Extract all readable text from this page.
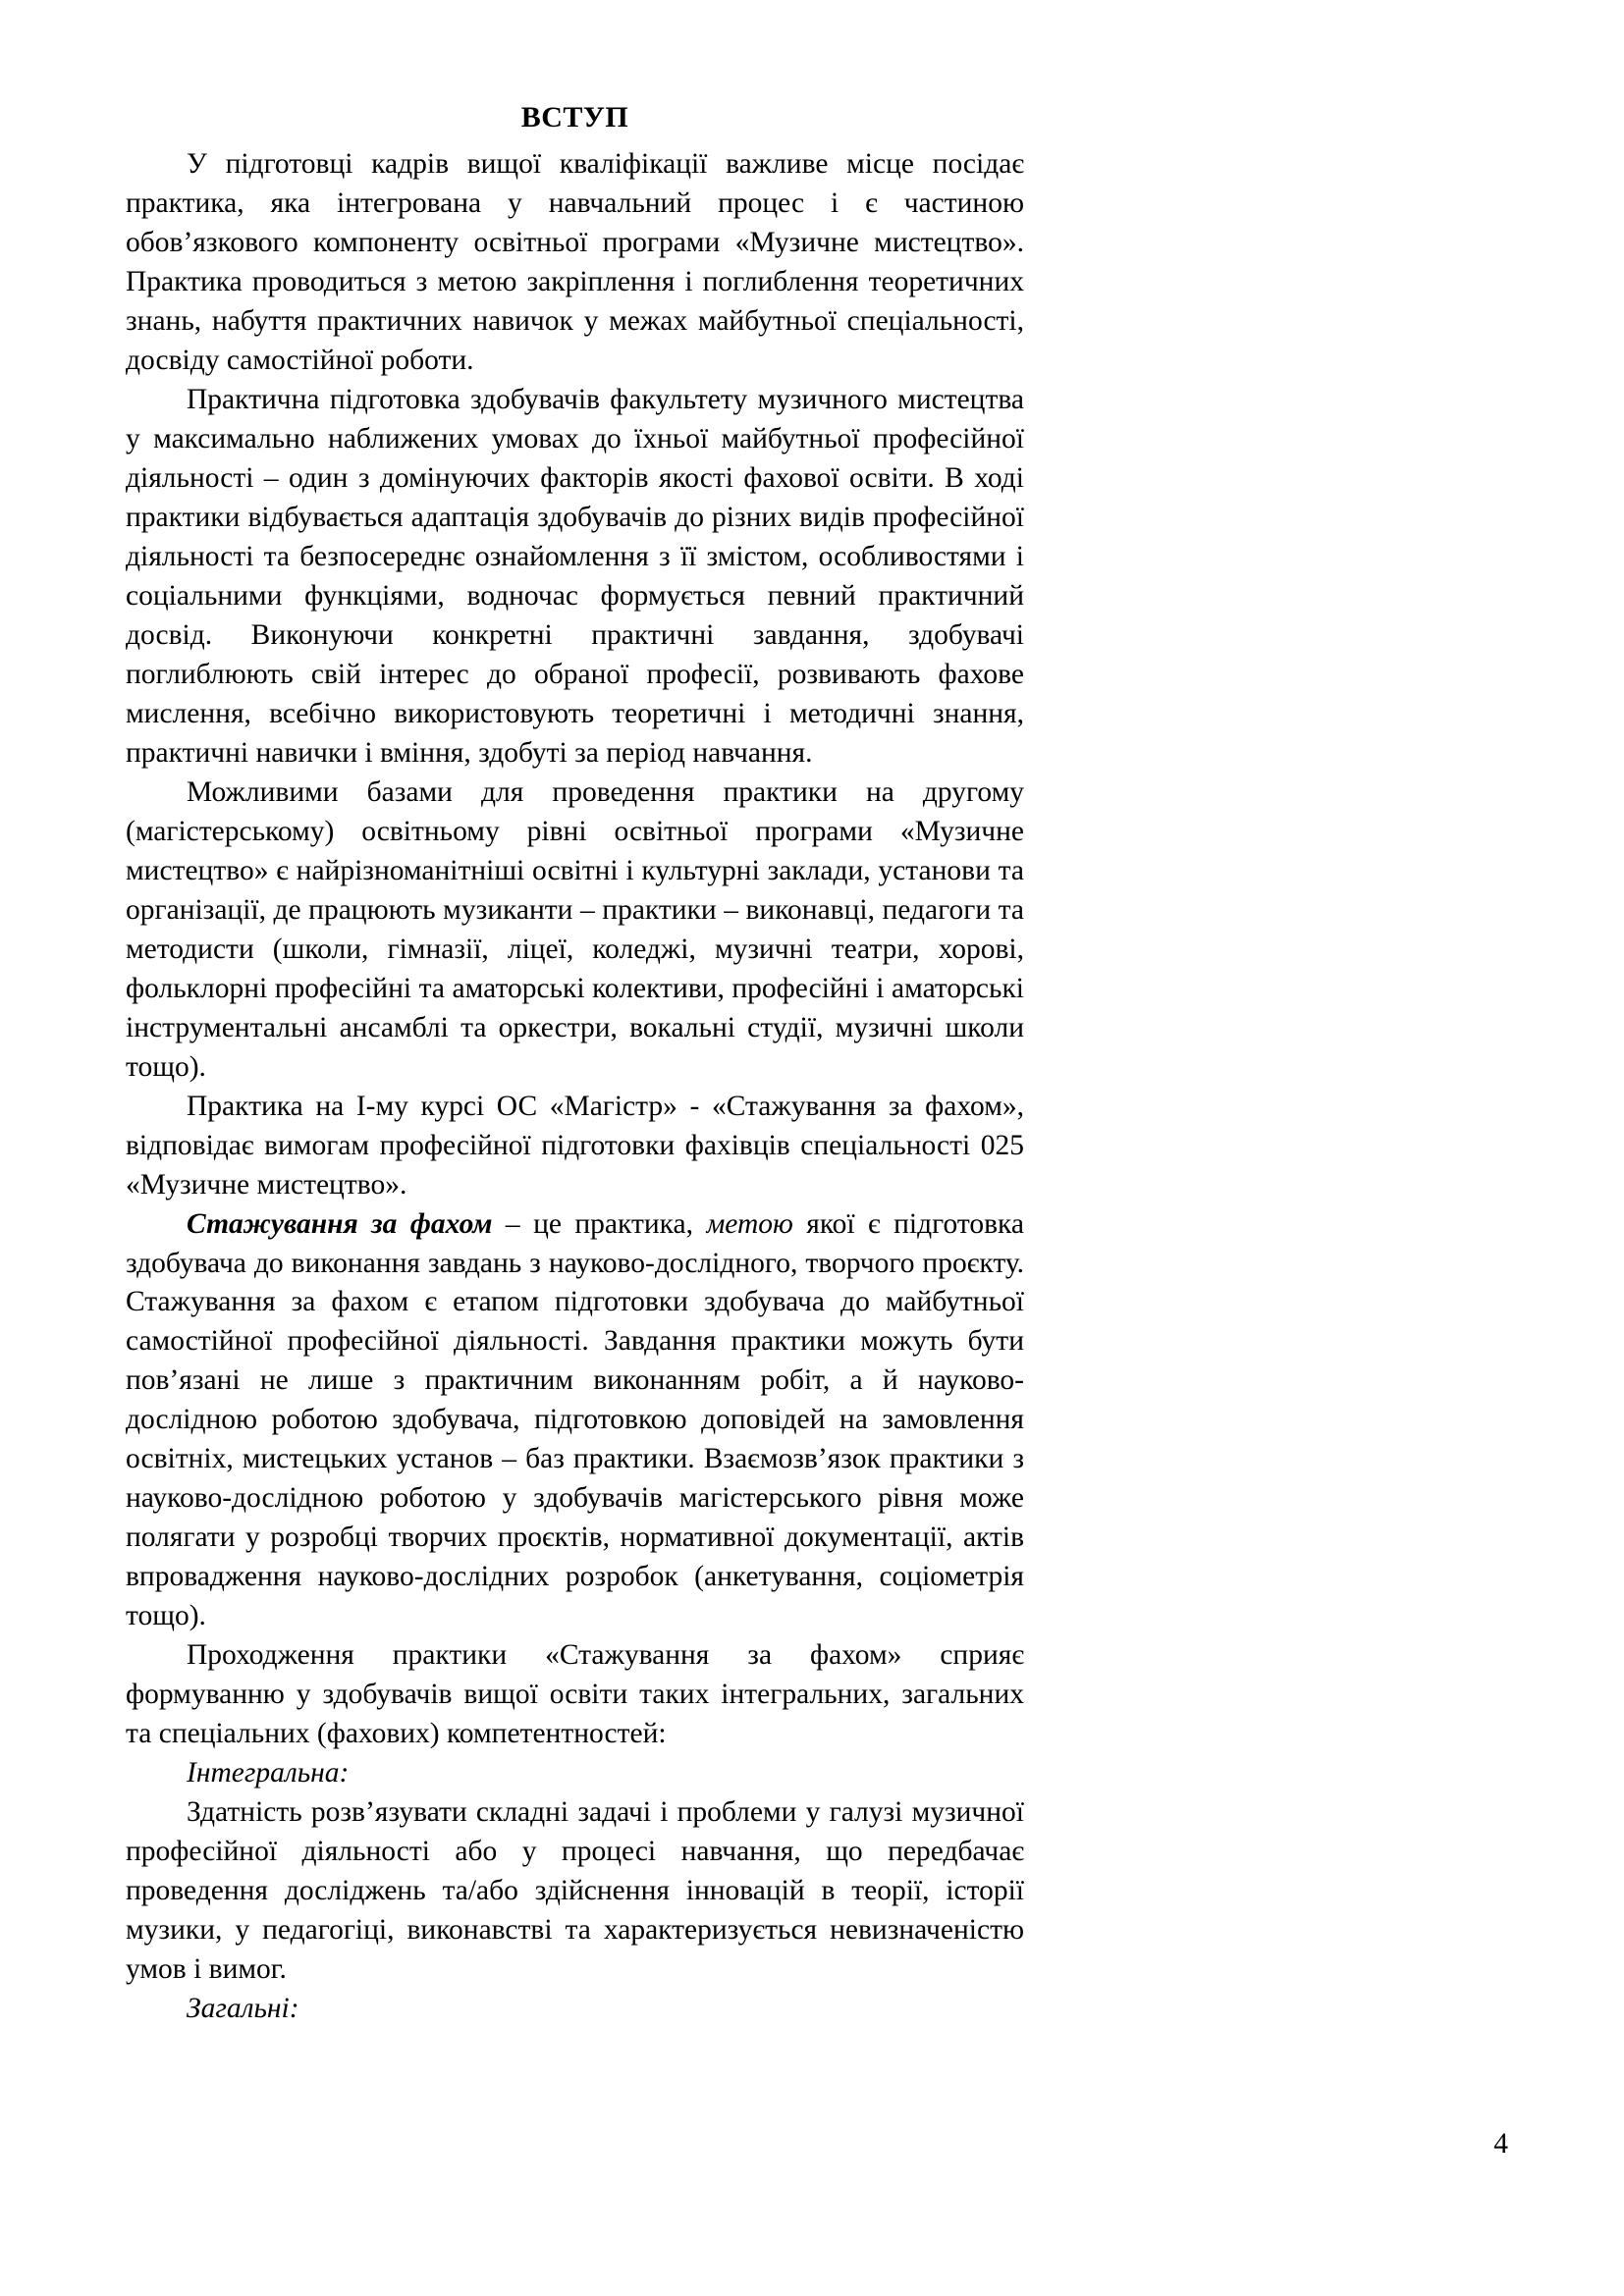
ВСТУП

У підготовці кадрів вищої кваліфікації важливе місце посідає практика, яка інтегрована у навчальний процес і є частиною обов’язкового компоненту освітньої програми «Музичне мистецтво». Практика проводиться з метою закріплення і поглиблення теоретичних знань, набуття практичних навичок у межах майбутньої спеціальності, досвіду самостійної роботи.

Практична підготовка здобувачів факультету музичного мистецтва у максимально наближених умовах до їхньої майбутньої професійної діяльності – один з домінуючих факторів якості фахової освіти. В ході практики відбувається адаптація здобувачів до різних видів професійної діяльності та безпосереднє ознайомлення з її змістом, особливостями і соціальними функціями, водночас формується певний практичний досвід. Виконуючи конкретні практичні завдання, здобувачі поглиблюють свій інтерес до обраної професії, розвивають фахове мислення, всебічно використовують теоретичні і методичні знання, практичні навички і вміння, здобуті за період навчання.

Можливими базами для проведення практики на другому (магістерському) освітньому рівні освітньої програми «Музичне мистецтво» є найрізноманітніші освітні і культурні заклади, установи та організації, де працюють музиканти – практики – виконавці, педагоги та методисти (школи, гімназії, ліцеї, коледжі, музичні театри, хорові, фольклорні професійні та аматорські колективи, професійні і аматорські інструментальні ансамблі та оркестри, вокальні студії, музичні школи тощо).

Практика на І-му курсі ОС «Магістр» - «Стажування за фахом», відповідає вимогам професійної підготовки фахівців спеціальності 025 «Музичне мистецтво».

Стажування за фахом – це практика, метою якої є підготовка здобувача до виконання завдань з науково-дослідного, творчого проєкту. Стажування за фахом є етапом підготовки здобувача до майбутньої самостійної професійної діяльності. Завдання практики можуть бути пов’язані не лише з практичним виконанням робіт, а й науково-дослідною роботою здобувача, підготовкою доповідей на замовлення освітніх, мистецьких установ – баз практики. Взаємозв’язок практики з науково-дослідною роботою у здобувачів магістерського рівня може полягати у розробці творчих проєктів, нормативної документації, актів впровадження науково-дослідних розробок (анкетування, соціометрія тощо).

Проходження практики «Стажування за фахом» сприяє формуванню у здобувачів вищої освіти таких інтегральних, загальних та спеціальних (фахових) компетентностей:

Інтегральна:

Здатність розв’язувати складні задачі і проблеми у галузі музичної професійної діяльності або у процесі навчання, що передбачає проведення досліджень та/або здійснення інновацій в теорії, історії музики, у педагогіці, виконавстві та характеризується невизначеністю умов і вимог.

Загальні:

4
